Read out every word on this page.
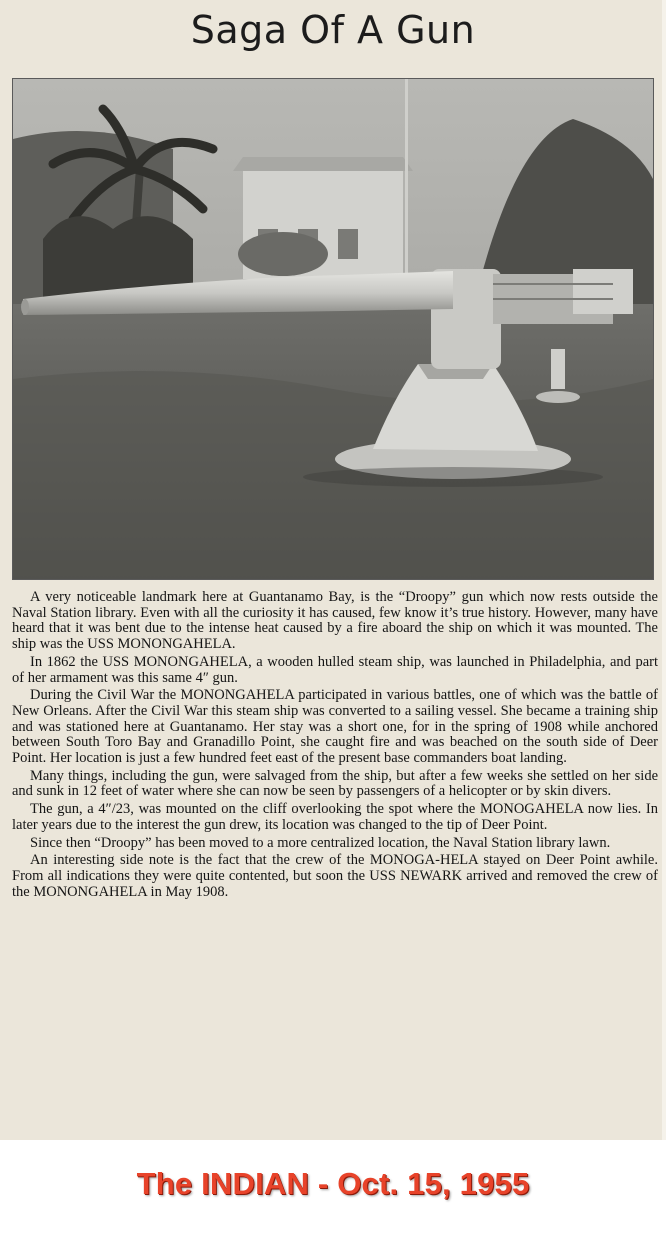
Saga Of A Gun

A very noticeable landmark here at Guantanamo Bay, is the “Droopy” gun which now rests outside the Naval Station library. Even with all the curiosity it has caused, few know it’s true history. However, many have heard that it was bent due to the intense heat caused by a fire aboard the ship on which it was mounted. The ship was the USS MONONGAHELA.

In 1862 the USS MONONGAHELA, a wooden hulled steam ship, was launched in Philadelphia, and part of her armament was this same 4″ gun.

During the Civil War the MONONGAHELA participated in various battles, one of which was the battle of New Orleans. After the Civil War this steam ship was converted to a sailing vessel. She became a training ship and was stationed here at Guantanamo. Her stay was a short one, for in the spring of 1908 while anchored between South Toro Bay and Granadillo Point, she caught fire and was beached on the south side of Deer Point. Her location is just a few hundred feet east of the present base commanders boat landing.

Many things, including the gun, were salvaged from the ship, but after a few weeks she settled on her side and sunk in 12 feet of water where she can now be seen by passengers of a helicopter or by skin divers.

The gun, a 4″/23, was mounted on the cliff overlooking the spot where the MONOGAHELA now lies. In later years due to the interest the gun drew, its location was changed to the tip of Deer Point.

Since then “Droopy” has been moved to a more centralized location, the Naval Station library lawn.

An interesting side note is the fact that the crew of the MONOGA-HELA stayed on Deer Point awhile. From all indications they were quite contented, but soon the USS NEWARK arrived and removed the crew of the MONONGAHELA in May 1908.

The INDIAN - Oct. 15, 1955
